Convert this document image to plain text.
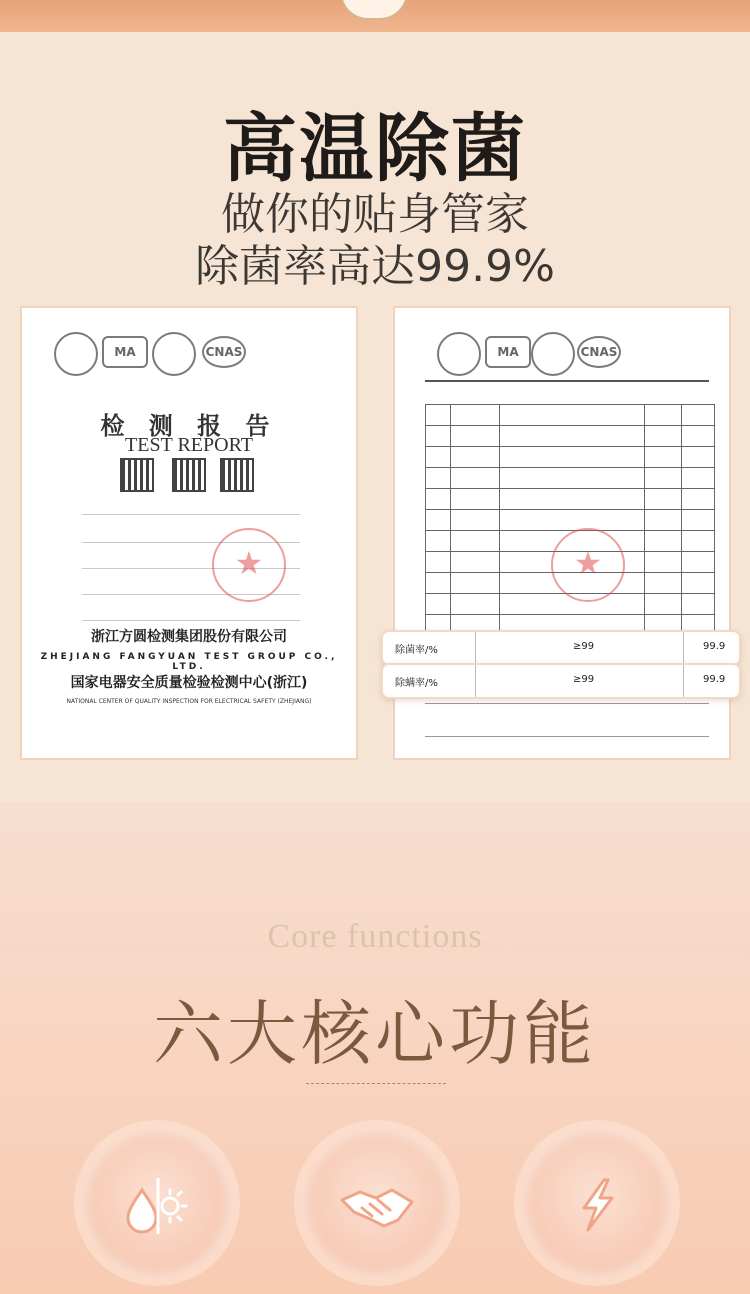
高温除菌
做你的贴身管家
除菌率高达99.9%
MA	CNAS
检 测 报 告
TEST REPORT
★
浙江方圆检测集团股份有限公司
ZHEJIANG FANGYUAN TEST GROUP CO., LTD.
国家电器安全质量检验检测中心(浙江)
NATIONAL CENTER OF QUALITY INSPECTION FOR ELECTRICAL SAFETY (ZHEJIANG)
MA	CNAS

★
除菌率/%	≥99	99.9
除螨率/%	≥99	99.9
Core functions
六大核心功能
